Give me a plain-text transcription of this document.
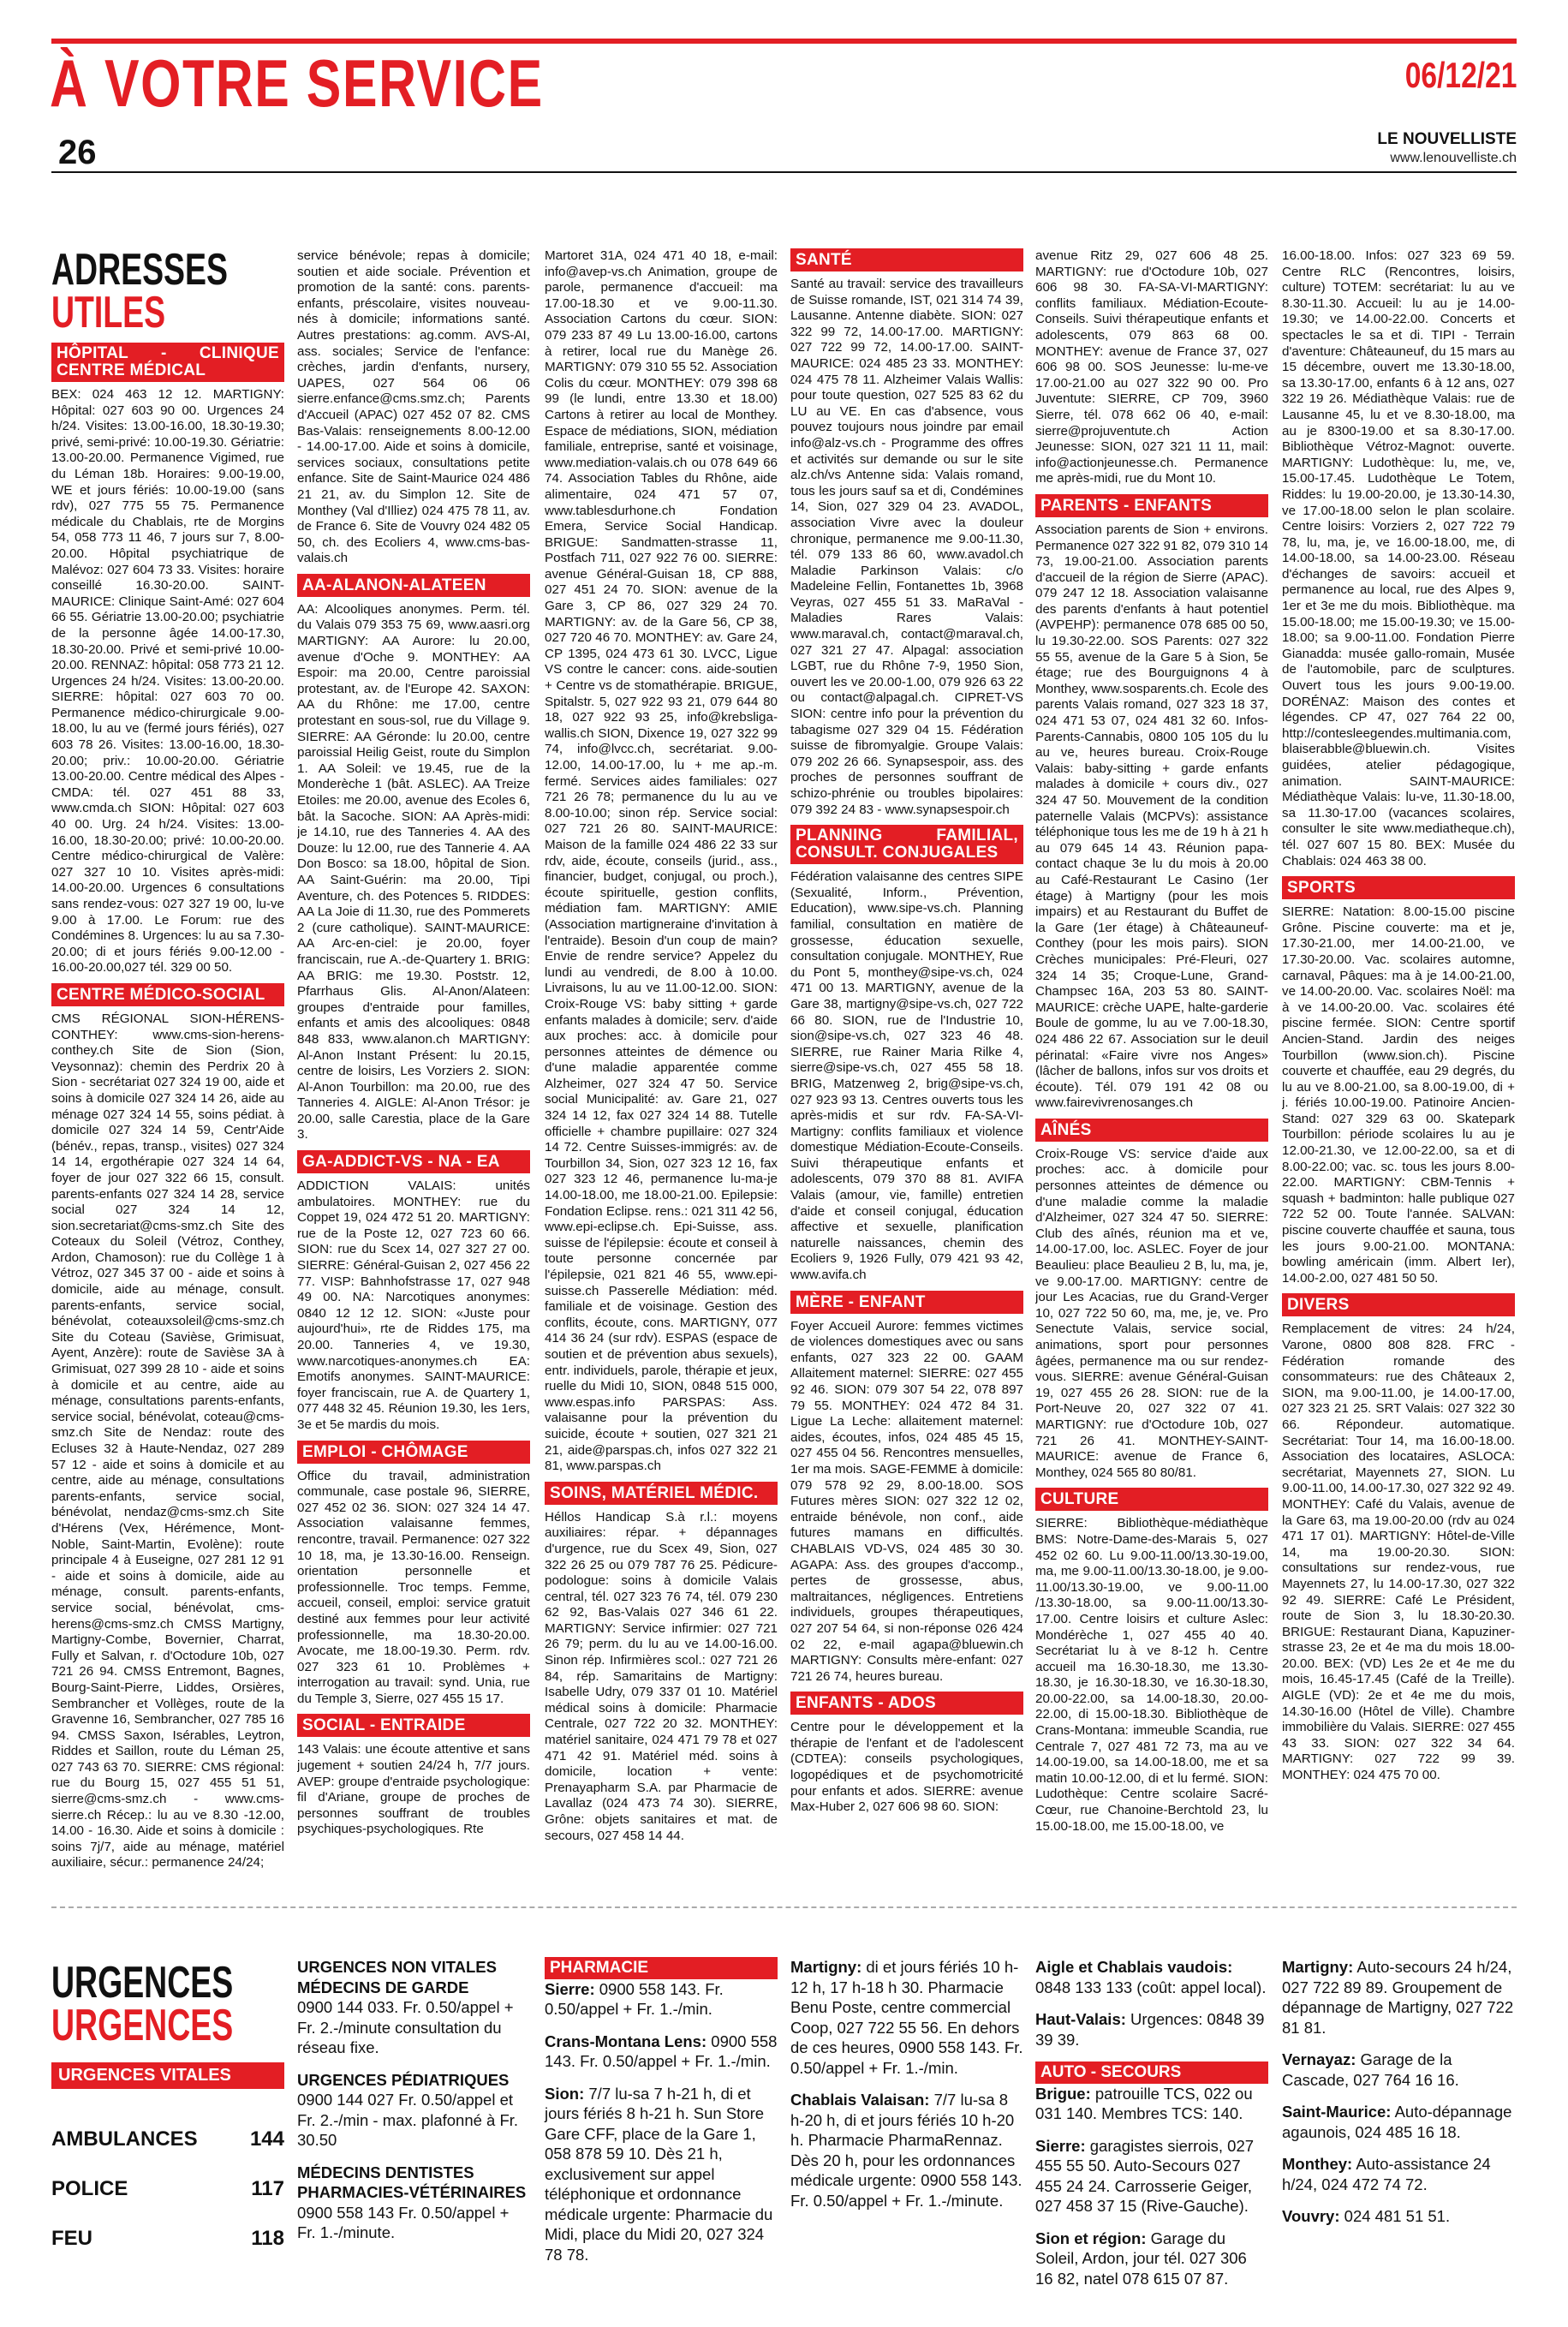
À VOTRE SERVICE	06/12/21
26	LE NOUVELLISTE
www.lenouvelliste.ch
ADRESSES
UTILES
HÔPITAL - CLINIQUE CENTRE MÉDICAL

BEX: 024 463 12 12. MARTIGNY: Hôpital: 027 603 90 00. Urgences 24 h/24. Visites: 13.00-16.00, 18.30-19.30; privé, semi-privé: 10.00-19.30. Gériatrie: 13.00-20.00. Permanence Vigimed, rue du Léman 18b. Horaires: 9.00-19.00, WE et jours fériés: 10.00-19.00 (sans rdv), 027 775 55 75. Permanence médicale du Chablais, rte de Morgins 54, 058 773 11 46, 7 jours sur 7, 8.00-20.00. Hôpital psychiatrique de Malévoz: 027 604 73 33. Visites: horaire conseillé 16.30-20.00. SAINT-MAURICE: Clinique Saint-Amé: 027 604 66 55. Gériatrie 13.00-20.00; psychiatrie de la personne âgée 14.00-17.30, 18.30-20.00. Privé et semi-privé 10.00-20.00. RENNAZ: hôpital: 058 773 21 12. Urgences 24 h/24. Visites: 13.00-20.00. SIERRE: hôpital: 027 603 70 00. Permanence médico-chirurgicale 9.00-18.00, lu au ve (fermé jours fériés), 027 603 78 26. Visites: 13.00-16.00, 18.30-20.00; priv.: 10.00-20.00. Gériatrie 13.00-20.00. Centre médical des Alpes -CMDA: tél. 027 451 88 33, www.cmda.ch SION: Hôpital: 027 603 40 00. Urg. 24 h/24. Visites: 13.00-16.00, 18.30-20.00; privé: 10.00-20.00. Centre médico-chirurgical de Valère: 027 327 10 10. Visites après-midi: 14.00-20.00. Urgences 6 consultations sans rendez-vous: 027 327 19 00, lu-ve 9.00 à 17.00. Le Forum: rue des Condémines 8. Urgences: lu au sa 7.30-20.00; di et jours fériés 9.00-12.00 - 16.00-20.00,027 tél. 329 00 50.

CENTRE MÉDICO-SOCIAL

CMS RÉGIONAL SION-HÉRENS-CONTHEY: www.cms-sion-herens-conthey.ch Site de Sion (Sion, Veysonnaz): chemin des Perdrix 20 à Sion - secrétariat 027 324 19 00, aide et soins à domicile 027 324 14 26, aide au ménage 027 324 14 55, soins pédiat. à domicile 027 324 14 59, Centr'Aide (bénév., repas, transp., visites) 027 324 14 14, ergothérapie 027 324 14 64, foyer de jour 027 322 66 15, consult. parents-enfants 027 324 14 28, service social 027 324 14 12, sion.secretariat@cms-smz.ch Site des Coteaux du Soleil (Vétroz, Conthey, Ardon, Chamoson): rue du Collège 1 à Vétroz, 027 345 37 00 - aide et soins à domicile, aide au ménage, consult. parents-enfants, service social, bénévolat, coteauxsoleil@cms-smz.ch Site du Coteau (Savièse, Grimisuat, Ayent, Anzère): route de Savièse 3A à Grimisuat, 027 399 28 10 - aide et soins à domicile et au centre, aide au ménage, consultations parents-enfants, service social, bénévolat, coteau@cms-smz.ch Site de Nendaz: route des Ecluses 32 à Haute-Nendaz, 027 289 57 12 - aide et soins à domicile et au centre, aide au ménage, consultations parents-enfants, service social, bénévolat, nendaz@cms-smz.ch Site d'Hérens (Vex, Hérémence, Mont-Noble, Saint-Martin, Evolène): route principale 4 à Euseigne, 027 281 12 91 - aide et soins à domicile, aide au ménage, consult. parents-enfants, service social, bénévolat, cms-herens@cms-smz.ch CMSS Martigny, Martigny-Combe, Bovernier, Charrat, Fully et Salvan, r. d'Octodure 10b, 027 721 26 94. CMSS Entremont, Bagnes, Bourg-Saint-Pierre, Liddes, Orsières, Sembrancher et Vollèges, route de la Gravenne 16, Sembrancher, 027 785 16 94. CMSS Saxon, Isérables, Leytron, Riddes et Saillon, route du Léman 25, 027 743 63 70. SIERRE: CMS régional: rue du Bourg 15, 027 455 51 51, sierre@cms-smz.ch - www.cms-sierre.ch Récep.: lu au ve 8.30 -12.00, 14.00 - 16.30. Aide et soins à domicile : soins 7j/7, aide au ménage, matériel auxiliaire, sécur.: permanence 24/24;

service bénévole; repas à domicile; soutien et aide sociale. Prévention et promotion de la santé: cons. parents-enfants, préscolaire, visites nouveau-nés à domicile; informations santé. Autres prestations: ag.comm. AVS-AI, ass. sociales; Service de l'enfance: crèches, jardin d'enfants, nursery, UAPES, 027 564 06 06 sierre.enfance@cms.smz.ch; Parents d'Accueil (APAC) 027 452 07 82. CMS Bas-Valais: renseignements 8.00-12.00 - 14.00-17.00. Aide et soins à domicile, services sociaux, consultations petite enfance. Site de Saint-Maurice 024 486 21 21, av. du Simplon 12. Site de Monthey (Val d'Illiez) 024 475 78 11, av. de France 6. Site de Vouvry 024 482 05 50, ch. des Ecoliers 4, www.cms-bas-valais.ch

AA-ALANON-ALATEEN

AA: Alcooliques anonymes. Perm. tél. du Valais 079 353 75 69, www.aasri.org MARTIGNY: AA Aurore: lu 20.00, avenue d'Oche 9. MONTHEY: AA Espoir: ma 20.00, Centre paroissial protestant, av. de l'Europe 42. SAXON: AA du Rhône: me 17.00, centre protestant en sous-sol, rue du Village 9. SIERRE: AA Géronde: lu 20.00, centre paroissial Heilig Geist, route du Simplon 1. AA Soleil: ve 19.45, rue de la Monderèche 1 (bât. ASLEC). AA Treize Etoiles: me 20.00, avenue des Ecoles 6, bât. la Sacoche. SION: AA Après-midi: je 14.10, rue des Tanneries 4. AA des Douze: lu 12.00, rue des Tannerie 4. AA Don Bosco: sa 18.00, hôpital de Sion. AA Saint-Guérin: ma 20.00, Tipi Aventure, ch. des Potences 5. RIDDES: AA La Joie di 11.30, rue des Pommerets 2 (cure catholique). SAINT-MAURICE: AA Arc-en-ciel: je 20.00, foyer franciscain, rue A.-de-Quartery 1. BRIG: AA BRIG: me 19.30. Poststr. 12, Pfarrhaus Glis. Al-Anon/Alateen: groupes d'entraide pour familles, enfants et amis des alcooliques: 0848 848 833, www.alanon.ch MARTIGNY: Al-Anon Instant Présent: lu 20.15, centre de loisirs, Les Vorziers 2. SION: Al-Anon Tourbillon: ma 20.00, rue des Tanneries 4. AIGLE: Al-Anon Trésor: je 20.00, salle Carestia, place de la Gare 3.

GA-ADDICT-VS - NA - EA

ADDICTION VALAIS: unités ambulatoires. MONTHEY: rue du Coppet 19, 024 472 51 20. MARTIGNY: rue de la Poste 12, 027 723 60 66. SION: rue du Scex 14, 027 327 27 00. SIERRE: Général-Guisan 2, 027 456 22 77. VISP: Bahnhofstrasse 17, 027 948 49 00. NA: Narcotiques anonymes: 0840 12 12 12. SION: «Juste pour aujourd'hui», rte de Riddes 175, ma 20.00. Tanneries 4, ve 19.30, www.narcotiques-anonymes.ch EA: Emotifs anonymes. SAINT-MAURICE: foyer franciscain, rue A. de Quartery 1, 077 448 32 45. Réunion 19.30, les 1ers, 3e et 5e mardis du mois.

EMPLOI - CHÔMAGE

Office du travail, administration communale, case postale 96, SIERRE, 027 452 02 36. SION: 027 324 14 47. Association valaisanne femmes, rencontre, travail. Permanence: 027 322 10 18, ma, je 13.30-16.00. Renseign. orientation personnelle et professionnelle. Troc temps. Femme, accueil, conseil, emploi: service gratuit destiné aux femmes pour leur activité professionnelle, ma 18.30-20.00. Avocate, me 18.00-19.30. Perm. rdv. 027 323 61 10. Problèmes + interrogation au travail: synd. Unia, rue du Temple 3, Sierre, 027 455 15 17.

SOCIAL - ENTRAIDE

143 Valais: une écoute attentive et sans jugement + soutien 24/24 h, 7/7 jours. AVEP: groupe d'entraide psychologique: fil d'Ariane, groupe de proches de personnes souffrant de troubles psychiques-psychologiques. Rte

Martoret 31A, 024 471 40 18, e-mail: info@avep-vs.ch Animation, groupe de parole, permanence d'accueil: ma 17.00-18.30 et ve 9.00-11.30. Association Cartons du cœur. SION: 079 233 87 49 Lu 13.00-16.00, cartons à retirer, local rue du Manège 26. MARTIGNY: 079 310 55 52. Association Colis du cœur. MONTHEY: 079 398 68 99 (le lundi, entre 13.30 et 18.00) Cartons à retirer au local de Monthey. Espace de médiations, SION, médiation familiale, entreprise, santé et voisinage, www.mediation-valais.ch ou 078 649 66 74. Association Tables du Rhône, aide alimentaire, 024 471 57 07, www.tablesdurhone.ch Fondation Emera, Service Social Handicap. BRIGUE: Sandmatten-strasse 11, Postfach 711, 027 922 76 00. SIERRE: avenue Général-Guisan 18, CP 888, 027 451 24 70. SION: avenue de la Gare 3, CP 86, 027 329 24 70. MARTIGNY: av. de la Gare 56, CP 38, 027 720 46 70. MONTHEY: av. Gare 24, CP 1395, 024 473 61 30. LVCC, Ligue VS contre le cancer: cons. aide-soutien + Centre vs de stomathérapie. BRIGUE, Spitalstr. 5, 027 922 93 21, 079 644 80 18, 027 922 93 25, info@krebsliga-wallis.ch SION, Dixence 19, 027 322 99 74, info@lvcc.ch, secrétariat. 9.00-12.00, 14.00-17.00, lu + me ap.-m. fermé. Services aides familiales: 027 721 26 78; permanence du lu au ve 8.00-10.00; sinon rép. Service social: 027 721 26 80. SAINT-MAURICE: Maison de la famille 024 486 22 33 sur rdv, aide, écoute, conseils (jurid., ass., financier, budget, conjugal, ou proch.), écoute spirituelle, gestion conflits, médiation fam. MARTIGNY: AMIE (Association martigneraine d'invitation à l'entraide). Besoin d'un coup de main? Envie de rendre service? Appelez du lundi au vendredi, de 8.00 à 10.00. Livraisons, lu au ve 11.00-12.00. SION: Croix-Rouge VS: baby sitting + garde enfants malades à domicile; serv. d'aide aux proches: acc. à domicile pour personnes atteintes de démence ou d'une maladie apparentée comme Alzheimer, 027 324 47 50. Service social Municipalité: av. Gare 21, 027 324 14 12, fax 027 324 14 88. Tutelle officielle + chambre pupillaire: 027 324 14 72. Centre Suisses-immigrés: av. de Tourbillon 34, Sion, 027 323 12 16, fax 027 323 12 46, permanence lu-ma-je 14.00-18.00, me 18.00-21.00. Epilepsie: Fondation Eclipse. rens.: 021 311 42 56, www.epi-eclipse.ch. Epi-Suisse, ass. suisse de l'épilepsie: écoute et conseil à toute personne concernée par l'épilepsie, 021 821 46 55, www.epi-suisse.ch Passerelle Médiation: méd. familiale et de voisinage. Gestion des conflits, écoute, cons. MARTIGNY, 077 414 36 24 (sur rdv). ESPAS (espace de soutien et de prévention abus sexuels), entr. individuels, parole, thérapie et jeux, ruelle du Midi 10, SION, 0848 515 000, www.espas.info PARSPAS: Ass. valaisanne pour la prévention du suicide, écoute + soutien, 027 321 21 21, aide@parspas.ch, infos 027 322 21 81, www.parspas.ch

SOINS, MATÉRIEL MÉDIC.

Héllos Handicap S.à r.l.: moyens auxiliaires: répar. + dépannages d'urgence, rue du Scex 49, Sion, 027 322 26 25 ou 079 787 76 25. Pédicure-podologue: soins à domicile Valais central, tél. 027 323 76 74, tél. 079 230 62 92, Bas-Valais 027 346 61 22. MARTIGNY: Service infirmier: 027 721 26 79; perm. du lu au ve 14.00-16.00. Sinon rép. Infirmières scol.: 027 721 26 84, rép. Samaritains de Martigny: Isabelle Udry, 079 337 01 10. Matériel médical soins à domicile: Pharmacie Centrale, 027 722 20 32. MONTHEY: matériel sanitaire, 024 471 79 78 et 027 471 42 91. Matériel méd. soins à domicile, location + vente: Prenayapharm S.A. par Pharmacie de Lavallaz (024 473 74 30). SIERRE, Grône: objets sanitaires et mat. de secours, 027 458 14 44.

SANTÉ

Santé au travail: service des travailleurs de Suisse romande, IST, 021 314 74 39, Lausanne. Antenne diabète. SION: 027 322 99 72, 14.00-17.00. MARTIGNY: 027 722 99 72, 14.00-17.00. SAINT-MAURICE: 024 485 23 33. MONTHEY: 024 475 78 11. Alzheimer Valais Wallis: pour toute question, 027 525 83 62 du LU au VE. En cas d'absence, vous pouvez toujours nous joindre par email info@alz-vs.ch - Programme des offres et activités sur demande ou sur le site alz.ch/vs Antenne sida: Valais romand, tous les jours sauf sa et di, Condémines 14, Sion, 027 329 04 23. AVADOL, association Vivre avec la douleur chronique, permanence me 9.00-11.30, tél. 079 133 86 60, www.avadol.ch Maladie Parkinson Valais: c/o Madeleine Fellin, Fontanettes 1b, 3968 Veyras, 027 455 51 33. MaRaVal - Maladies Rares Valais: www.maraval.ch, contact@maraval.ch, 027 321 27 47. Alpagal: association LGBT, rue du Rhône 7-9, 1950 Sion, ouvert les ve 20.00-1.00, 079 926 63 22 ou contact@alpagal.ch. CIPRET-VS SION: centre info pour la prévention du tabagisme 027 329 04 15. Fédération suisse de fibromyalgie. Groupe Valais: 079 202 26 66. Synapsespoir, ass. des proches de personnes souffrant de schizo-phrénie ou troubles bipolaires: 079 392 24 83 - www.synapsespoir.ch

PLANNING FAMILIAL, CONSULT. CONJUGALES

Fédération valaisanne des centres SIPE (Sexualité, Inform., Prévention, Education), www.sipe-vs.ch. Planning familial, consultation en matière de grossesse, éducation sexuelle, consultation conjugale. MONTHEY, Rue du Pont 5, monthey@sipe-vs.ch, 024 471 00 13. MARTIGNY, avenue de la Gare 38, martigny@sipe-vs.ch, 027 722 66 80. SION, rue de l'Industrie 10, sion@sipe-vs.ch, 027 323 46 48. SIERRE, rue Rainer Maria Rilke 4, sierre@sipe-vs.ch, 027 455 58 18. BRIG, Matzenweg 2, brig@sipe-vs.ch, 027 923 93 13. Centres ouverts tous les après-midis et sur rdv. FA-SA-VI-Martigny: conflits familiaux et violence domestique Médiation-Ecoute-Conseils. Suivi thérapeutique enfants et adolescents, 079 370 88 81. AVIFA Valais (amour, vie, famille) entretien d'aide et conseil conjugal, éducation affective et sexuelle, planification naturelle naissances, chemin des Ecoliers 9, 1926 Fully, 079 421 93 42, www.avifa.ch

MÈRE - ENFANT

Foyer Accueil Aurore: femmes victimes de violences domestiques avec ou sans enfants, 027 323 22 00. GAAM Allaitement maternel: SIERRE: 027 455 92 46. SION: 079 307 54 22, 078 897 79 55. MONTHEY: 024 472 84 31. Ligue La Leche: allaitement maternel: aides, écoutes, infos, 024 485 45 15, 027 455 04 56. Rencontres mensuelles, 1er ma mois. SAGE-FEMME à domicile: 079 578 92 29, 8.00-18.00. SOS Futures mères SION: 027 322 12 02, entraide bénévole, non conf., aide futures mamans en difficultés. CHABLAIS VD-VS, 024 485 30 30. AGAPA: Ass. des groupes d'accomp., pertes de grossesse, abus, maltraitances, négligences. Entretiens individuels, groupes thérapeutiques, 027 207 54 64, si non-réponse 026 424 02 22, e-mail agapa@bluewin.ch MARTIGNY: Consults mère-enfant: 027 721 26 74, heures bureau.

ENFANTS - ADOS

Centre pour le développement et la thérapie de l'enfant et de l'adolescent (CDTEA): conseils psychologiques, logopédiques et de psychomotricité pour enfants et ados. SIERRE: avenue Max-Huber 2, 027 606 98 60. SION:

avenue Ritz 29, 027 606 48 25. MARTIGNY: rue d'Octodure 10b, 027 606 98 30. FA-SA-VI-MARTIGNY: conflits familiaux. Médiation-Ecoute-Conseils. Suivi thérapeutique enfants et adolescents, 079 863 68 00. MONTHEY: avenue de France 37, 027 606 98 00. SOS Jeunesse: lu-me-ve 17.00-21.00 au 027 322 90 00. Pro Juventute: SIERRE, CP 709, 3960 Sierre, tél. 078 662 06 40, e-mail: sierre@projuventute.ch Action Jeunesse: SION, 027 321 11 11, mail: info@actionjeunesse.ch. Permanence me après-midi, rue du Mont 10.

PARENTS - ENFANTS

Association parents de Sion + environs. Permanence 027 322 91 82, 079 310 14 73, 19.00-21.00. Association parents d'accueil de la région de Sierre (APAC). 079 247 12 18. Association valaisanne des parents d'enfants à haut potentiel (AVPEHP): permanence 078 685 00 50, lu 19.30-22.00. SOS Parents: 027 322 55 55, avenue de la Gare 5 à Sion, 5e étage; rue des Bourguignons 4 à Monthey, www.sosparents.ch. Ecole des parents Valais romand, 027 323 18 37, 024 471 53 07, 024 481 32 60. Infos-Parents-Cannabis, 0800 105 105 du lu au ve, heures bureau. Croix-Rouge Valais: baby-sitting + garde enfants malades à domicile + cours div., 027 324 47 50. Mouvement de la condition paternelle Valais (MCPVs): assistance téléphonique tous les me de 19 h à 21 h au 079 645 14 43. Réunion papa-contact chaque 3e lu du mois à 20.00 au Café-Restaurant Le Casino (1er étage) à Martigny (pour les mois impairs) et au Restaurant du Buffet de la Gare (1er étage) à Châteauneuf-Conthey (pour les mois pairs). SION Crèches municipales: Pré-Fleuri, 027 324 14 35; Croque-Lune, Grand-Champsec 16A, 203 53 80. SAINT-MAURICE: crèche UAPE, halte-garderie Boule de gomme, lu au ve 7.00-18.30, 024 486 22 67. Association sur le deuil périnatal: «Faire vivre nos Anges» (lâcher de ballons, infos sur vos droits et écoute). Tél. 079 191 42 08 ou www.fairevivrenosanges.ch

AÎNÉS

Croix-Rouge VS: service d'aide aux proches: acc. à domicile pour personnes atteintes de démence ou d'une maladie comme la maladie d'Alzheimer, 027 324 47 50. SIERRE: Club des aînés, réunion ma et ve, 14.00-17.00, loc. ASLEC. Foyer de jour Beaulieu: place Beaulieu 2 B, lu, ma, je, ve 9.00-17.00. MARTIGNY: centre de jour Les Acacias, rue du Grand-Verger 10, 027 722 50 60, ma, me, je, ve. Pro Senectute Valais, service social, animations, sport pour personnes âgées, permanence ma ou sur rendez-vous. SIERRE: avenue Général-Guisan 19, 027 455 26 28. SION: rue de la Port-Neuve 20, 027 322 07 41. MARTIGNY: rue d'Octodure 10b, 027 721 26 41. MONTHEY-SAINT-MAURICE: avenue de France 6, Monthey, 024 565 80 80/81.

CULTURE

SIERRE: Bibliothèque-médiathèque BMS: Notre-Dame-des-Marais 5, 027 452 02 60. Lu 9.00-11.00/13.30-19.00, ma, me 9.00-11.00/13.30-18.00, je 9.00-11.00/13.30-19.00, ve 9.00-11.00 /13.30-18.00, sa 9.00-11.00/13.30-17.00. Centre loisirs et culture Aslec: Mondérèche 1, 027 455 40 40. Secrétariat lu à ve 8-12 h. Centre accueil ma 16.30-18.30, me 13.30-18.30, je 16.30-18.30, ve 16.30-18.30, 20.00-22.00, sa 14.00-18.30, 20.00-22.00, di 15.00-18.30. Bibliothèque de Crans-Montana: immeuble Scandia, rue Centrale 7, 027 481 72 73, ma au ve 14.00-19.00, sa 14.00-18.00, me et sa matin 10.00-12.00, di et lu fermé. SION: Ludothèque: Centre scolaire Sacré-Cœur, rue Chanoine-Berchtold 23, lu 15.00-18.00, me 15.00-18.00, ve

16.00-18.00. Infos: 027 323 69 59. Centre RLC (Rencontres, loisirs, culture) TOTEM: secrétariat: lu au ve 8.30-11.30. Accueil: lu au je 14.00-19.30; ve 14.00-22.00. Concerts et spectacles le sa et di. TIPI - Terrain d'aventure: Châteauneuf, du 15 mars au 15 décembre, ouvert me 13.30-18.00, sa 13.30-17.00, enfants 6 à 12 ans, 027 322 19 26. Médiathèque Valais: rue de Lausanne 45, lu et ve 8.30-18.00, ma au je 8300-19.00 et sa 8.30-17.00. Bibliothèque Vétroz-Magnot: ouverte. MARTIGNY: Ludothèque: lu, me, ve, 15.00-17.45. Ludothèque Le Totem, Riddes: lu 19.00-20.00, je 13.30-14.30, ve 17.00-18.00 selon le plan scolaire. Centre loisirs: Vorziers 2, 027 722 79 78, lu, ma, je, ve 16.00-18.00, me, di 14.00-18.00, sa 14.00-23.00. Réseau d'échanges de savoirs: accueil et permanence au local, rue des Alpes 9, 1er et 3e me du mois. Bibliothèque. ma 15.00-18.00; me 15.00-19.30; ve 15.00-18.00; sa 9.00-11.00. Fondation Pierre Gianadda: musée gallo-romain, Musée de l'automobile, parc de sculptures. Ouvert tous les jours 9.00-19.00. DORÉNAZ: Maison des contes et légendes. CP 47, 027 764 22 00, http://contesleegendes.multimania.com, blaiserabble@bluewin.ch. Visites guidées, atelier pédagogique, animation. SAINT-MAURICE: Médiathèque Valais: lu-ve, 11.30-18.00, sa 11.30-17.00 (vacances scolaires, consulter le site www.mediatheque.ch), tél. 027 607 15 80. BEX: Musée du Chablais: 024 463 38 00.

SPORTS

SIERRE: Natation: 8.00-15.00 piscine Grône. Piscine couverte: ma et je, 17.30-21.00, mer 14.00-21.00, ve 17.30-20.00. Vac. scolaires automne, carnaval, Pâques: ma à je 14.00-21.00, ve 14.00-20.00. Vac. scolaires Noël: ma à ve 14.00-20.00. Vac. scolaires été piscine fermée. SION: Centre sportif Ancien-Stand. Jardin des neiges Tourbillon (www.sion.ch). Piscine couverte et chauffée, eau 29 degrés, du lu au ve 8.00-21.00, sa 8.00-19.00, di + j. fériés 10.00-19.00. Patinoire Ancien-Stand: 027 329 63 00. Skatepark Tourbillon: période scolaires lu au je 12.00-21.30, ve 12.00-22.00, sa et di 8.00-22.00; vac. sc. tous les jours 8.00-22.00. MARTIGNY: CBM-Tennis + squash + badminton: halle publique 027 722 52 00. Toute l'année. SALVAN: piscine couverte chauffée et sauna, tous les jours 9.00-21.00. MONTANA: bowling américain (imm. Albert Ier), 14.00-2.00, 027 481 50 50.

DIVERS

Remplacement de vitres: 24 h/24, Varone, 0800 808 828. FRC - Fédération romande des consommateurs: rue des Châteaux 2, SION, ma 9.00-11.00, je 14.00-17.00, 027 323 21 25. SRT Valais: 027 322 30 66. Répondeur. automatique. Secrétariat: Tour 14, ma 16.00-18.00. Association des locataires, ASLOCA: secrétariat, Mayennets 27, SION. Lu 9.00-11.00, 14.00-17.30, 027 322 92 49. MONTHEY: Café du Valais, avenue de la Gare 63, ma 19.00-20.00 (rdv au 024 471 17 01). MARTIGNY: Hôtel-de-Ville 14, ma 19.00-20.30. SION: consultations sur rendez-vous, rue Mayennets 27, lu 14.00-17.30, 027 322 92 49. SIERRE: Café Le Président, route de Sion 3, lu 18.30-20.30. BRIGUE: Restaurant Diana, Kapuziner-strasse 23, 2e et 4e ma du mois 18.00-20.00. BEX: (VD) Les 2e et 4e me du mois, 16.45-17.45 (Café de la Treille). AIGLE (VD): 2e et 4e me du mois, 14.30-16.00 (Hôtel de Ville). Chambre immobilière du Valais. SIERRE: 027 455 43 33. SION: 027 322 34 64. MARTIGNY: 027 722 99 39. MONTHEY: 024 475 70 00.

URGENCES
URGENCES
URGENCES VITALES
AMBULANCES	144
POLICE	117
FEU	118
URGENCES NON VITALES
MÉDECINS DE GARDE

0900 144 033. Fr. 0.50/appel + Fr. 2.-/minute consultation du réseau fixe.

URGENCES PÉDIATRIQUES

0900 144 027 Fr. 0.50/appel et Fr. 2.-/min - max. plafonné à Fr. 30.50

MÉDECINS DENTISTES PHARMACIES-VÉTÉRINAIRES

0900 558 143 Fr. 0.50/appel + Fr. 1.-/minute.

PHARMACIE

Sierre: 0900 558 143. Fr. 0.50/appel + Fr. 1.-/min.

Crans-Montana Lens: 0900 558 143. Fr. 0.50/appel + Fr. 1.-/min.

Sion: 7/7 lu-sa 7 h-21 h, di et jours fériés 8 h-21 h. Sun Store Gare CFF, place de la Gare 1, 058 878 59 10. Dès 21 h, exclusivement sur appel téléphonique et ordonnance médicale urgente: Pharmacie du Midi, place du Midi 20, 027 324 78 78.

Martigny: di et jours fériés 10 h-12 h, 17 h-18 h 30. Pharmacie Benu Poste, centre commercial Coop, 027 722 55 56. En dehors de ces heures, 0900 558 143. Fr. 0.50/appel + Fr. 1.-/min.

Chablais Valaisan: 7/7 lu-sa 8 h-20 h, di et jours fériés 10 h-20 h. Pharmacie PharmaRennaz. Dès 20 h, pour les ordonnances médicale urgente: 0900 558 143. Fr. 0.50/appel + Fr. 1.-/minute.

Aigle et Chablais vaudois: 0848 133 133 (coût: appel local).

Haut-Valais: Urgences: 0848 39 39 39.

AUTO - SECOURS

Brigue: patrouille TCS, 022 ou 031 140. Membres TCS: 140.

Sierre: garagistes sierrois, 027 455 55 50. Auto-Secours 027 455 24 24. Carrosserie Geiger, 027 458 37 15 (Rive-Gauche).

Sion et région: Garage du Soleil, Ardon, jour tél. 027 306 16 82, natel 078 615 07 87.

Martigny: Auto-secours 24 h/24, 027 722 89 89. Groupement de dépannage de Martigny, 027 722 81 81.

Vernayaz: Garage de la Cascade, 027 764 16 16.

Saint-Maurice: Auto-dépannage agaunois, 024 485 16 18.

Monthey: Auto-assistance 24 h/24, 024 472 74 72.

Vouvry: 024 481 51 51.
